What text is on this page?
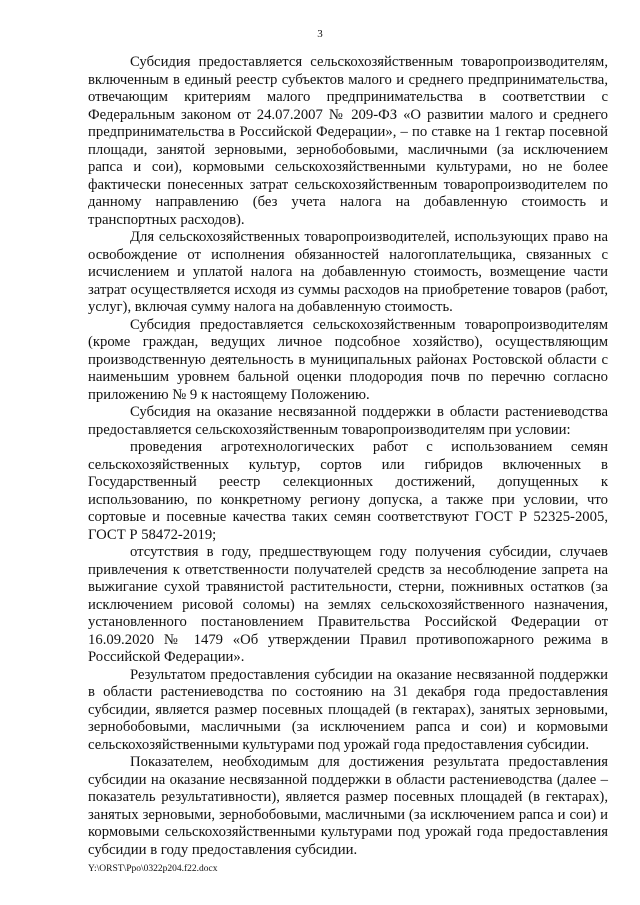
3

Субсидия предоставляется сельскохозяйственным товаропроизводителям, включенным в единый реестр субъектов малого и среднего предпринимательства, отвечающим критериям малого предпринимательства в соответствии с Федеральным законом от 24.07.2007 № 209-ФЗ «О развитии малого и среднего предпринимательства в Российской Федерации», – по ставке на 1 гектар посевной площади, занятой зерновыми, зернобобовыми, масличными (за исключением рапса и сои), кормовыми сельскохозяйственными культурами, но не более фактически понесенных затрат сельскохозяйственным товаропроизводителем по данному направлению (без учета налога на добавленную стоимость и транспортных расходов).

Для сельскохозяйственных товаропроизводителей, использующих право на освобождение от исполнения обязанностей налогоплательщика, связанных с исчислением и уплатой налога на добавленную стоимость, возмещение части затрат осуществляется исходя из суммы расходов на приобретение товаров (работ, услуг), включая сумму налога на добавленную стоимость.

Субсидия предоставляется сельскохозяйственным товаропроизводителям (кроме граждан, ведущих личное подсобное хозяйство), осуществляющим производственную деятельность в муниципальных районах Ростовской области с наименьшим уровнем бальной оценки плодородия почв по перечню согласно приложению № 9 к настоящему Положению.

Субсидия на оказание несвязанной поддержки в области растениеводства предоставляется сельскохозяйственным товаропроизводителям при условии:

проведения агротехнологических работ с использованием семян сельскохозяйственных культур, сортов или гибридов включенных в Государственный реестр селекционных достижений, допущенных к использованию, по конкретному региону допуска, а также при условии, что сортовые и посевные качества таких семян соответствуют ГОСТ Р 52325-2005, ГОСТ Р 58472-2019;

отсутствия в году, предшествующем году получения субсидии, случаев привлечения к ответственности получателей средств за несоблюдение запрета на выжигание сухой травянистой растительности, стерни, пожнивных остатков (за исключением рисовой соломы) на землях сельскохозяйственного назначения, установленного постановлением Правительства Российской Федерации от 16.09.2020 № 1479 «Об утверждении Правил противопожарного режима в Российской Федерации».

Результатом предоставления субсидии на оказание несвязанной поддержки в области растениеводства по состоянию на 31 декабря года предоставления субсидии, является размер посевных площадей (в гектарах), занятых зерновыми, зернобобовыми, масличными (за исключением рапса и сои) и кормовыми сельскохозяйственными культурами под урожай года предоставления субсидии.

Показателем, необходимым для достижения результата предоставления субсидии на оказание несвязанной поддержки в области растениеводства (далее – показатель результативности), является размер посевных площадей (в гектарах), занятых зерновыми, зернобобовыми, масличными (за исключением рапса и сои) и кормовыми сельскохозяйственными культурами под урожай года предоставления субсидии в году предоставления субсидии.

Y:\ORST\Ppo\0322p204.f22.docx
